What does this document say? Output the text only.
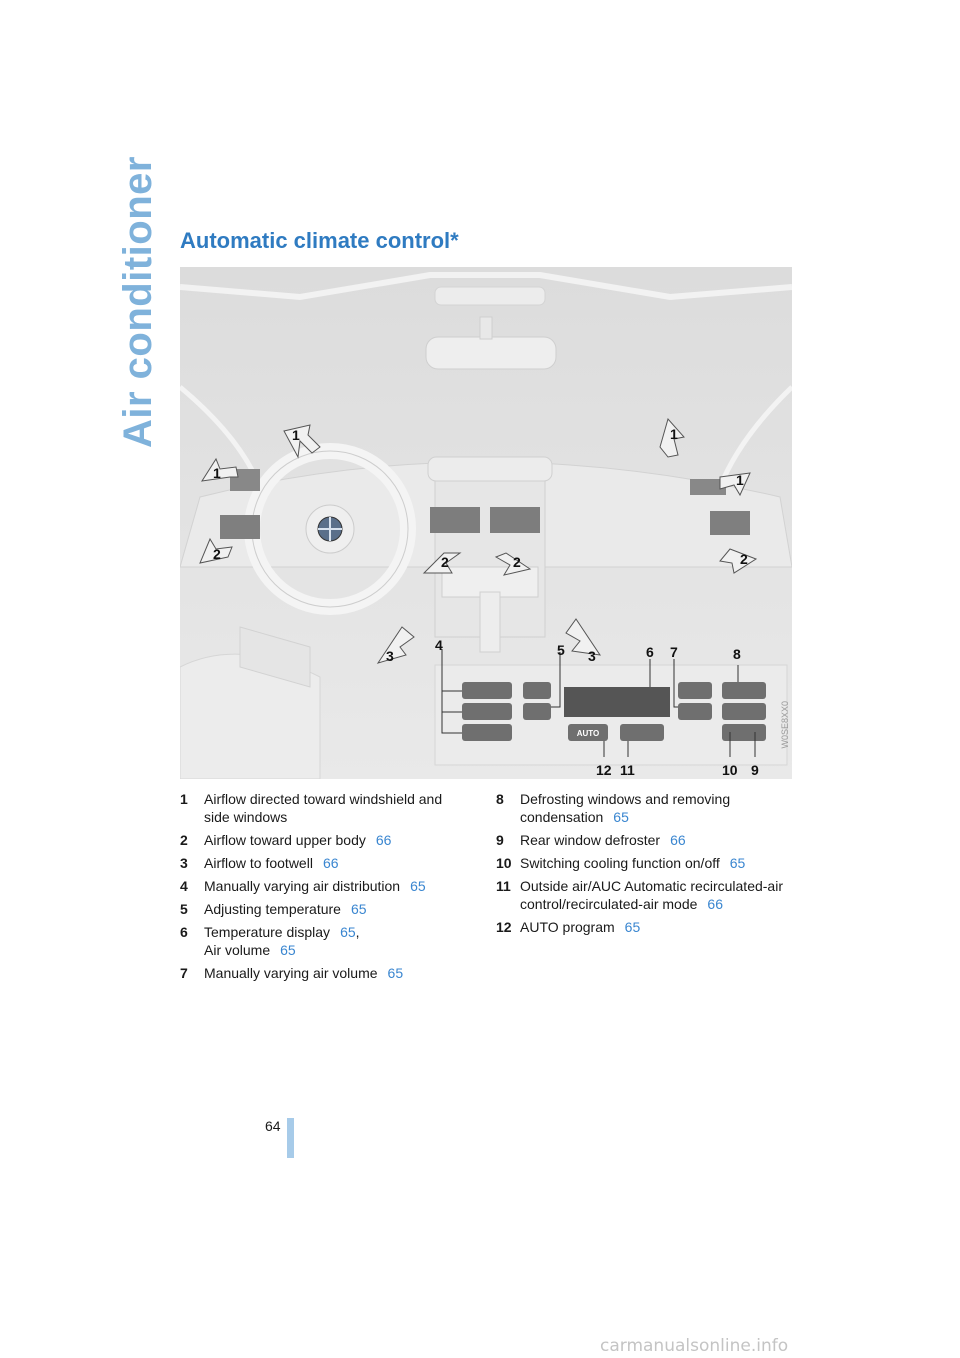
Air conditioner Automatic climate control*
AUTO
1
1
1
1
2	2	2	2
3	3
4	5	6 7	8
9
10
11
12
W0SE8XX0
1 Airflow directed toward windshield and
side windows
2 Airflow toward upper body 66
3 Airflow to footwell 66
4 Manually varying air distribution 65
5 Adjusting temperature 65
6 Temperature display 65,
Air volume 65
7 Manually varying air volume 65
8 Defrosting windows and removing
condensation 65
9 Rear window defroster 66
10 Switching cooling function on/off 65
11 Outside air/AUC Automatic recirculated-air
control/recirculated-air mode 66
12 AUTO program 65
64
carmanualsonline.info
